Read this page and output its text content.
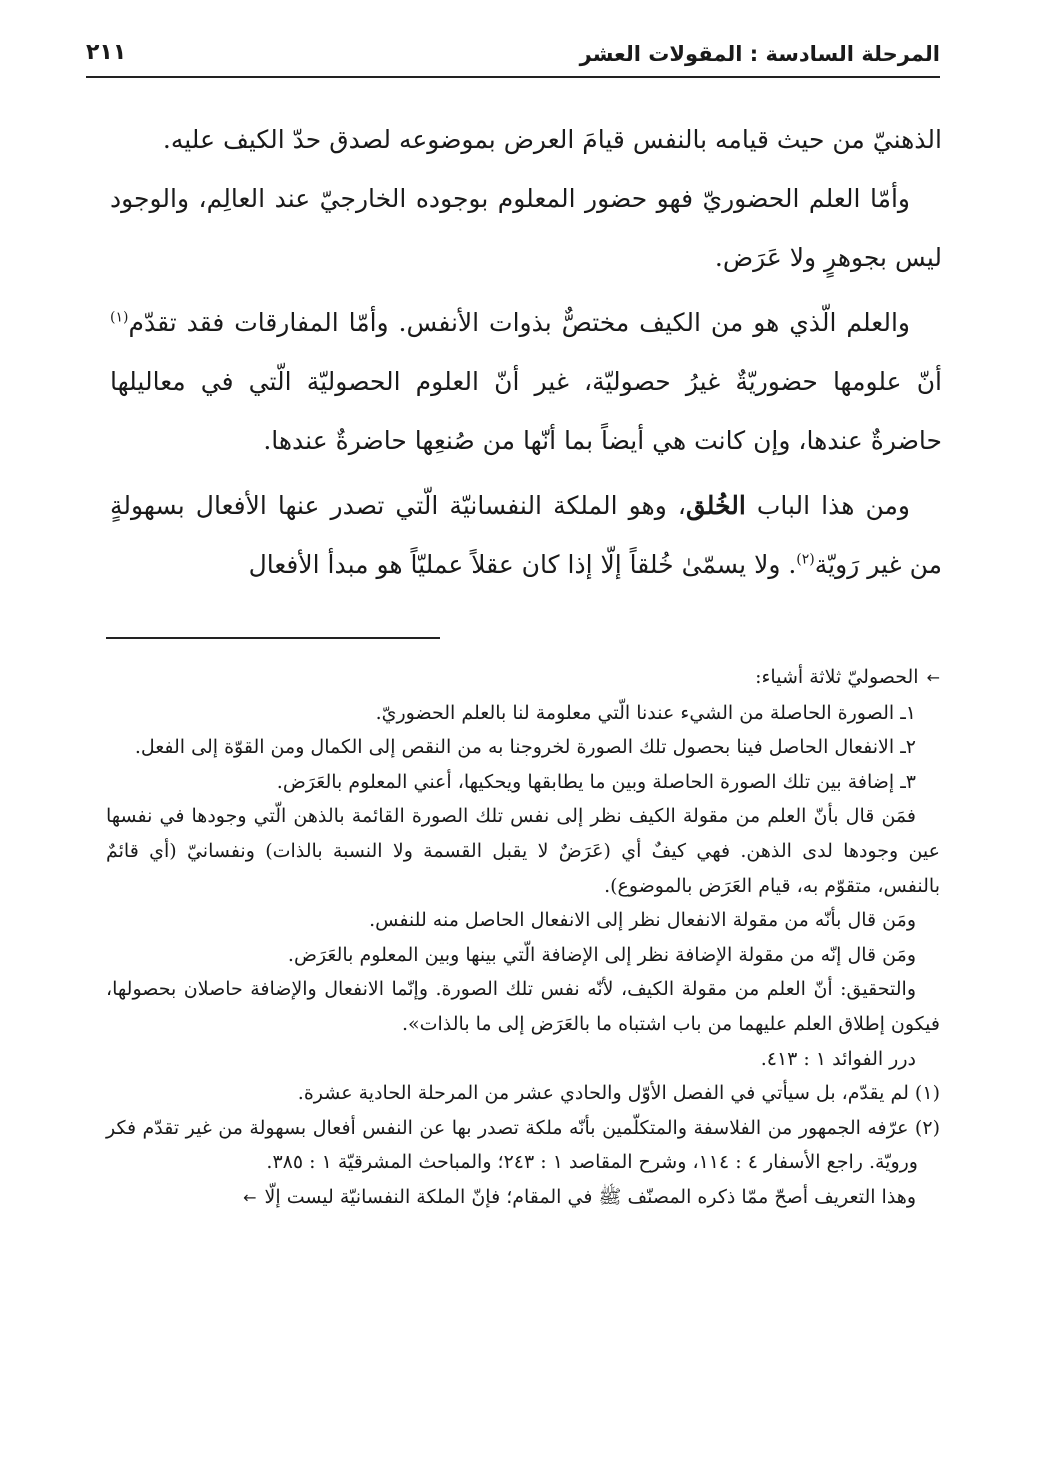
المرحلة السادسة : المقولات العشر
٢١١

الذهنيّ من حيث قيامه بالنفس قيامَ العرض بموضوعه لصدق حدّ الكيف عليه.

وأمّا العلم الحضوريّ فهو حضور المعلوم بوجوده الخارجيّ عند العالِم، والوجود ليس بجوهرٍ ولا عَرَض.

والعلم الّذي هو من الكيف مختصٌّ بذوات الأنفس. وأمّا المفارقات فقد تقدّم$^{(١)}$ أنّ علومها حضوريّةٌ غيرُ حصوليّة، غير أنّ العلوم الحصوليّة الّتي في معاليلها حاضرةٌ عندها، وإن كانت هي أيضاً بما أنّها من صُنعِها حاضرةٌ عندها.

ومن هذا الباب الخُلق، وهو الملكة النفسانيّة الّتي تصدر عنها الأفعال بسهولةٍ من غير رَويّة$^{(٢)}$. ولا يسمّىٰ خُلقاً إلّا إذا كان عقلاً عمليّاً هو مبدأ الأفعال

←الحصوليّ ثلاثة أشياء:

١ـ الصورة الحاصلة من الشيء عندنا الّتي معلومة لنا بالعلم الحضوريّ.

٢ـ الانفعال الحاصل فينا بحصول تلك الصورة لخروجنا به من النقص إلى الكمال ومن القوّة إلى الفعل.

٣ـ إضافة بين تلك الصورة الحاصلة وبين ما يطابقها ويحكيها، أعني المعلوم بالعَرَض.

فمَن قال بأنّ العلم من مقولة الكيف نظر إلى نفس تلك الصورة القائمة بالذهن الّتي وجودها في نفسها عين وجودها لدى الذهن. فهي كيفٌ أي (عَرَضٌ لا يقبل القسمة ولا النسبة بالذات) ونفسانيّ (أي قائمٌ بالنفس، متقوّم به، قيام العَرَض بالموضوع).

ومَن قال بأنّه من مقولة الانفعال نظر إلى الانفعال الحاصل منه للنفس.

ومَن قال إنّه من مقولة الإضافة نظر إلى الإضافة الّتي بينها وبين المعلوم بالعَرَض.

والتحقيق: أنّ العلم من مقولة الكيف، لأنّه نفس تلك الصورة. وإنّما الانفعال والإضافة حاصلان بحصولها، فيكون إطلاق العلم عليهما من باب اشتباه ما بالعَرَض إلى ما بالذات».

درر الفوائد ١ : ٤١٣.

(١) لم يقدّم، بل سيأتي في الفصل الأوّل والحادي عشر من المرحلة الحادية عشرة.

(٢) عرّفه الجمهور من الفلاسفة والمتكلّمين بأنّه ملكة تصدر بها عن النفس أفعال بسهولة من غير تقدّم فكر ورويّة. راجع الأسفار ٤ : ١١٤، وشرح المقاصد ١ : ٢٤٣؛ والمباحث المشرقيّة ١ : ٣٨٥.

وهذا التعريف أصحّ ممّا ذكره المصنّف ﷺ في المقام؛ فإنّ الملكة النفسانيّة ليست إلّا←
